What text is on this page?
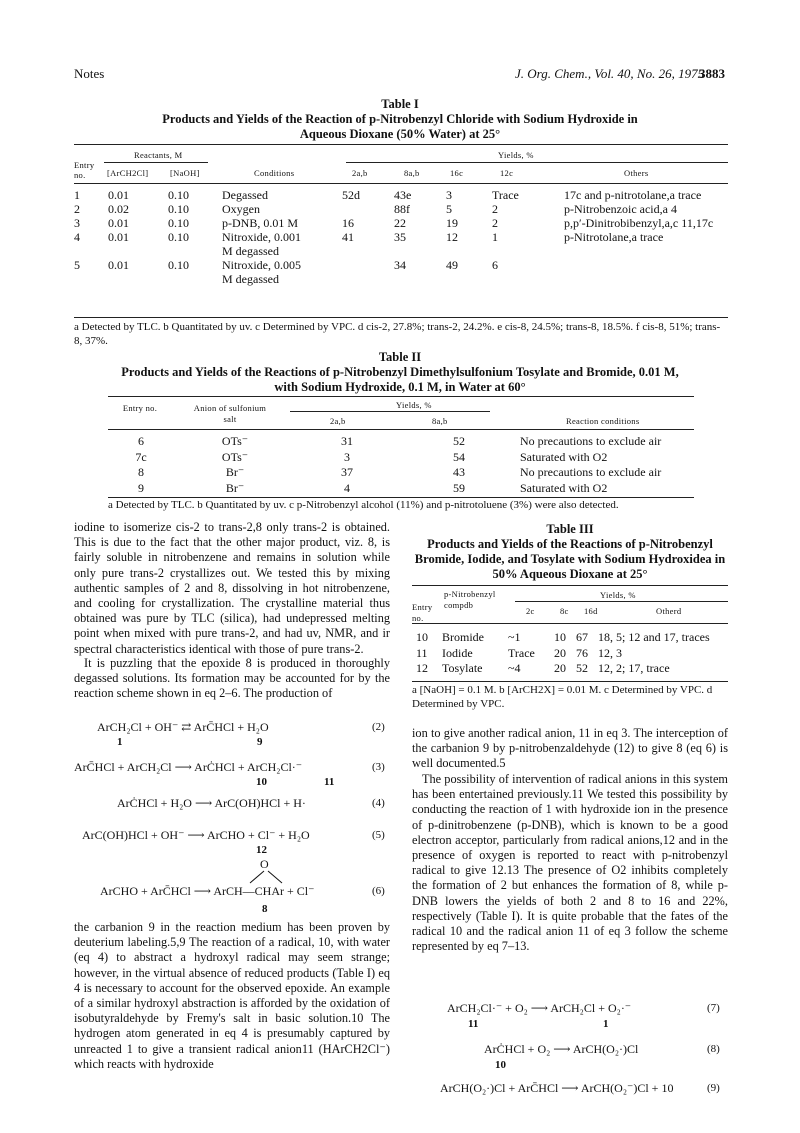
Notes	J. Org. Chem., Vol. 40, No. 26, 1975
3883
Table I
Products and Yields of the Reaction of p-Nitrobenzyl Chloride with Sodium Hydroxide in Aqueous Dioxane (50% Water) at 25°
Reactants, M	Yields, %
Entry no.	[ArCH2Cl]	[NaOH]	Conditions	2a,b	8a,b	16c	12c	Others
1	0.01	0.10	Degassed	52d	43e	3	Trace	17c and p-nitrotolane,a trace
2	0.02	0.10	Oxygen		88f	5	2	p-Nitrobenzoic acid,a 4
3	0.01	0.10	p-DNB, 0.01 M	16	22	19	2	p,p′-Dinitrobibenzyl,a,c 11,17c
4	0.01	0.10	Nitroxide, 0.001 M degassed	41	35	12	1	p-Nitrotolane,a trace
5	0.01	0.10	Nitroxide, 0.005 M degassed		34	49	6	
a Detected by TLC. b Quantitated by uv. c Determined by VPC. d cis-2, 27.8%; trans-2, 24.2%. e cis-8, 24.5%; trans-8, 18.5%. f cis-8, 51%; trans-8, 37%.
Table II
Products and Yields of the Reactions of p-Nitrobenzyl Dimethylsulfonium Tosylate and Bromide, 0.01 M, with Sodium Hydroxide, 0.1 M, in Water at 60°
Yields, %
Entry no.	Anion of sulfonium salt	2a,b	8a,b	Reaction conditions
6	OTs⁻	31	52	No precautions to exclude air
7c	OTs⁻	3	54	Saturated with O2
8	Br⁻	37	43	No precautions to exclude air
9	Br⁻	4	59	Saturated with O2
a Detected by TLC. b Quantitated by uv. c p-Nitrobenzyl alcohol (11%) and p-nitrotoluene (3%) were also detected.
iodine to isomerize cis-2 to trans-2,8 only trans-2 is obtained. This is due to the fact that the other major product, viz. 8, is fairly soluble in nitrobenzene and remains in solution while only pure trans-2 crystallizes out. We tested this by mixing authentic samples of 2 and 8, dissolving in hot nitrobenzene, and cooling for crystallization. The crystalline material thus obtained was pure by TLC (silica), had undepressed melting point when mixed with pure trans-2, and had uv, NMR, and ir spectral characteristics identical with those of pure trans-2.
It is puzzling that the epoxide 8 is produced in thoroughly degassed solutions. Its formation may be accounted for by the reaction scheme shown in eq 2–6. The production of
ArCH₂Cl + OH⁻ ⇄ ArC̄HCl + H₂O	(2)
1	9
ArC̄HCl + ArCH₂Cl ⟶ ArĊHCl + ArCH₂Cl·⁻	(3)
10	11
ArĊHCl + H₂O ⟶ ArC(OH)HCl + H·	(4)
ArC(OH)HCl + OH⁻ ⟶ ArCHO + Cl⁻ + H₂O	(5)
12
O
ArCHO + ArC̄HCl ⟶ ArCH—CHAr + Cl⁻	(6)
8
the carbanion 9 in the reaction medium has been proven by deuterium labeling.5,9 The reaction of a radical, 10, with water (eq 4) to abstract a hydroxyl radical may seem strange; however, in the virtual absence of reduced products (Table I) eq 4 is necessary to account for the observed epoxide. An example of a similar hydroxyl abstraction is afforded by the oxidation of isobutyraldehyde by Fremy's salt in basic solution.10 The hydrogen atom generated in eq 4 is presumably captured by unreacted 1 to give a transient radical anion11 (HArCH2Cl⁻) which reacts with hydroxide
Table III
Products and Yields of the Reactions of p-Nitrobenzyl Bromide, Iodide, and Tosylate with Sodium Hydroxidea in 50% Aqueous Dioxane at 25°
Yields, %
Entry no.
p-Nitrobenzyl compdb
2c	8c 16d	Otherd
10	Bromide	~1	10	67	18, 5; 12 and 17, traces
11	Iodide	Trace	20	76	12, 3
12	Tosylate	~4	20	52	12, 2; 17, trace
a [NaOH] = 0.1 M. b [ArCH2X] = 0.01 M. c Determined by VPC. d Determined by VPC.
ion to give another radical anion, 11 in eq 3. The interception of the carbanion 9 by p-nitrobenzaldehyde (12) to give 8 (eq 6) is well documented.5
The possibility of intervention of radical anions in this system has been entertained previously.11 We tested this possibility by conducting the reaction of 1 with hydroxide ion in the presence of p-dinitrobenzene (p-DNB), which is known to be a good electron acceptor, particularly from radical anions,12 and in the presence of oxygen is reported to react with p-nitrobenzyl radical to give 12.13 The presence of O2 inhibits completely the formation of 2 but enhances the formation of 8, while p-DNB lowers the yields of both 2 and 8 to 16 and 22%, respectively (Table I). It is quite probable that the fates of the radical 10 and the radical anion 11 of eq 3 follow the scheme represented by eq 7–13.
ArCH₂Cl·⁻ + O₂ ⟶ ArCH₂Cl + O₂·⁻	(7)
11	1
ArĊHCl + O₂ ⟶ ArCH(O₂·)Cl	(8)
10
ArCH(O₂·)Cl + ArC̄HCl ⟶ ArCH(O₂⁻)Cl + 10	(9)
